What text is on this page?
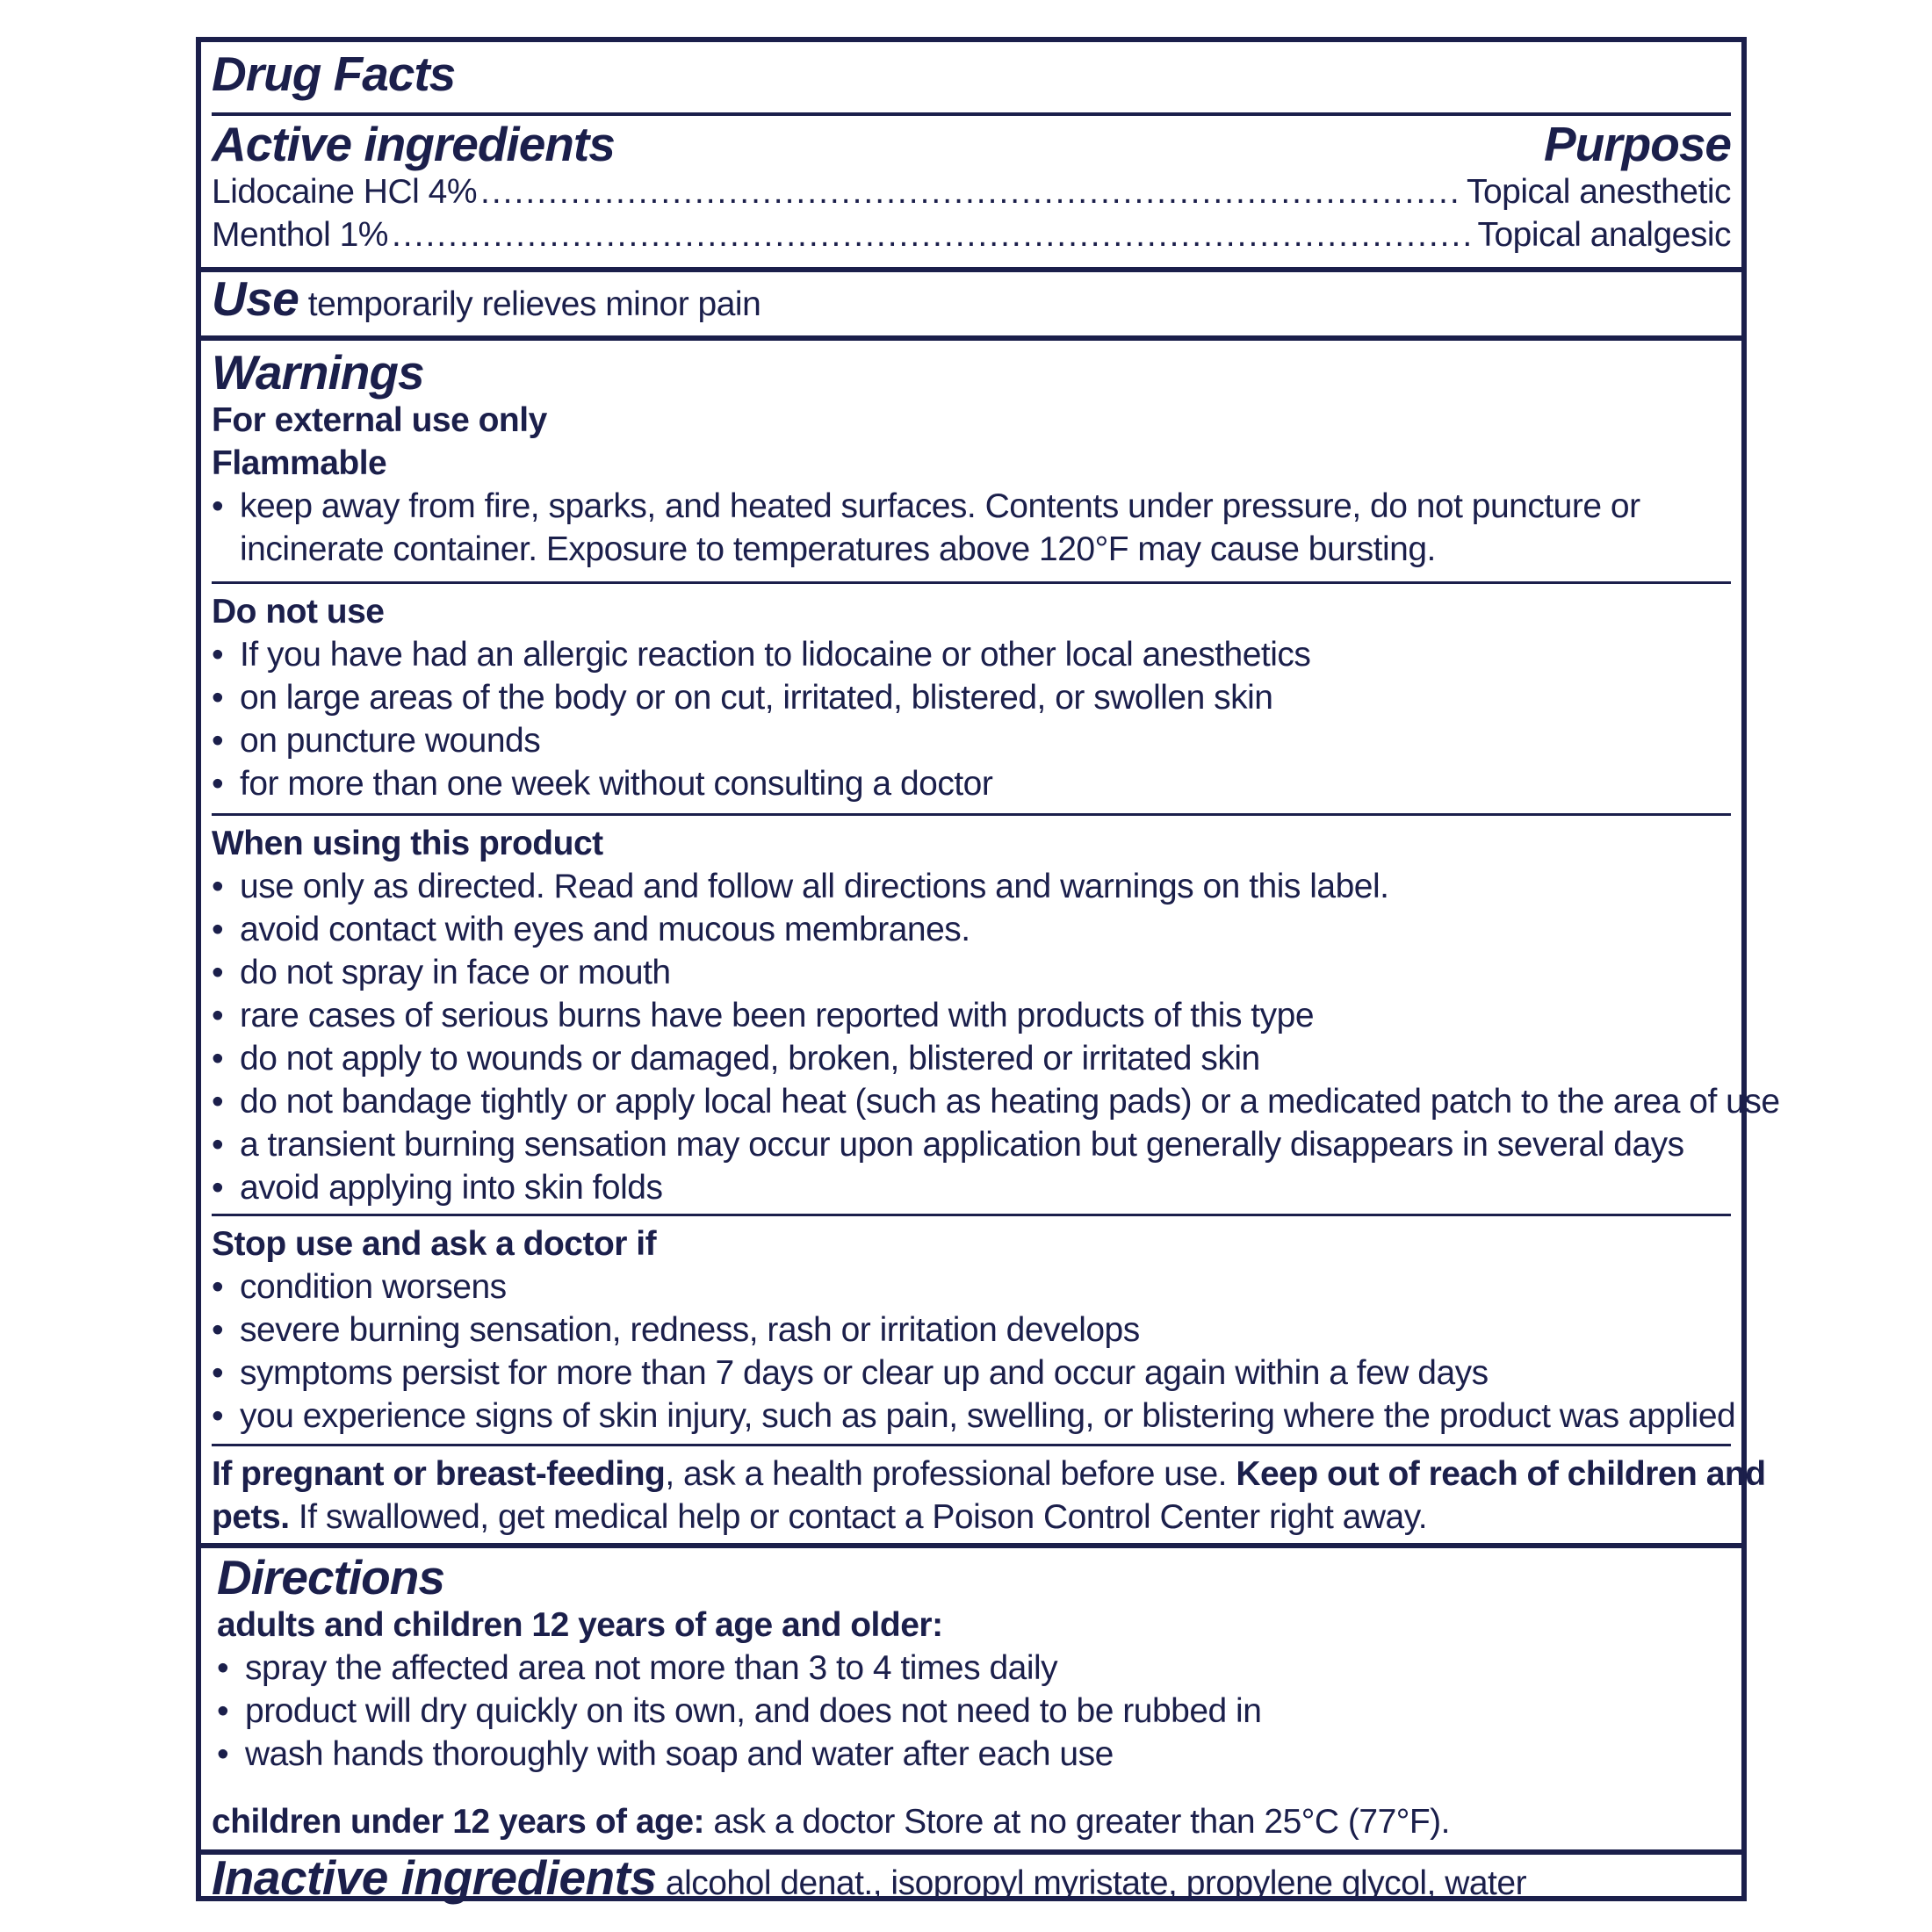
Drug Facts
Active ingredients	Purpose
Lidocaine HCl 4% .....	Topical anesthetic
Menthol 1% .....	Topical analgesic
Use temporarily relieves minor pain
Warnings
For external use only
Flammable
• keep away from fire, sparks, and heated surfaces. Contents under pressure, do not puncture or
incinerate container. Exposure to temperatures above 120°F may cause bursting.
Do not use
• If you have had an allergic reaction to lidocaine or other local anesthetics
• on large areas of the body or on cut, irritated, blistered, or swollen skin
• on puncture wounds
• for more than one week without consulting a doctor
When using this product
• use only as directed. Read and follow all directions and warnings on this label.
• avoid contact with eyes and mucous membranes.
• do not spray in face or mouth
• rare cases of serious burns have been reported with products of this type
• do not apply to wounds or damaged, broken, blistered or irritated skin
• do not bandage tightly or apply local heat (such as heating pads) or a medicated patch to the area of use
• a transient burning sensation may occur upon application but generally disappears in several days
• avoid applying into skin folds
Stop use and ask a doctor if
• condition worsens
• severe burning sensation, redness, rash or irritation develops
• symptoms persist for more than 7 days or clear up and occur again within a few days
• you experience signs of skin injury, such as pain, swelling, or blistering where the product was applied
If pregnant or breast-feeding, ask a health professional before use. Keep out of reach of children and
pets. If swallowed, get medical help or contact a Poison Control Center right away.
Directions
adults and children 12 years of age and older:
• spray the affected area not more than 3 to 4 times daily
• product will dry quickly on its own, and does not need to be rubbed in
• wash hands thoroughly with soap and water after each use
children under 12 years of age: ask a doctor Store at no greater than 25°C (77°F).
Inactive ingredients alcohol denat., isopropyl myristate, propylene glycol, water
